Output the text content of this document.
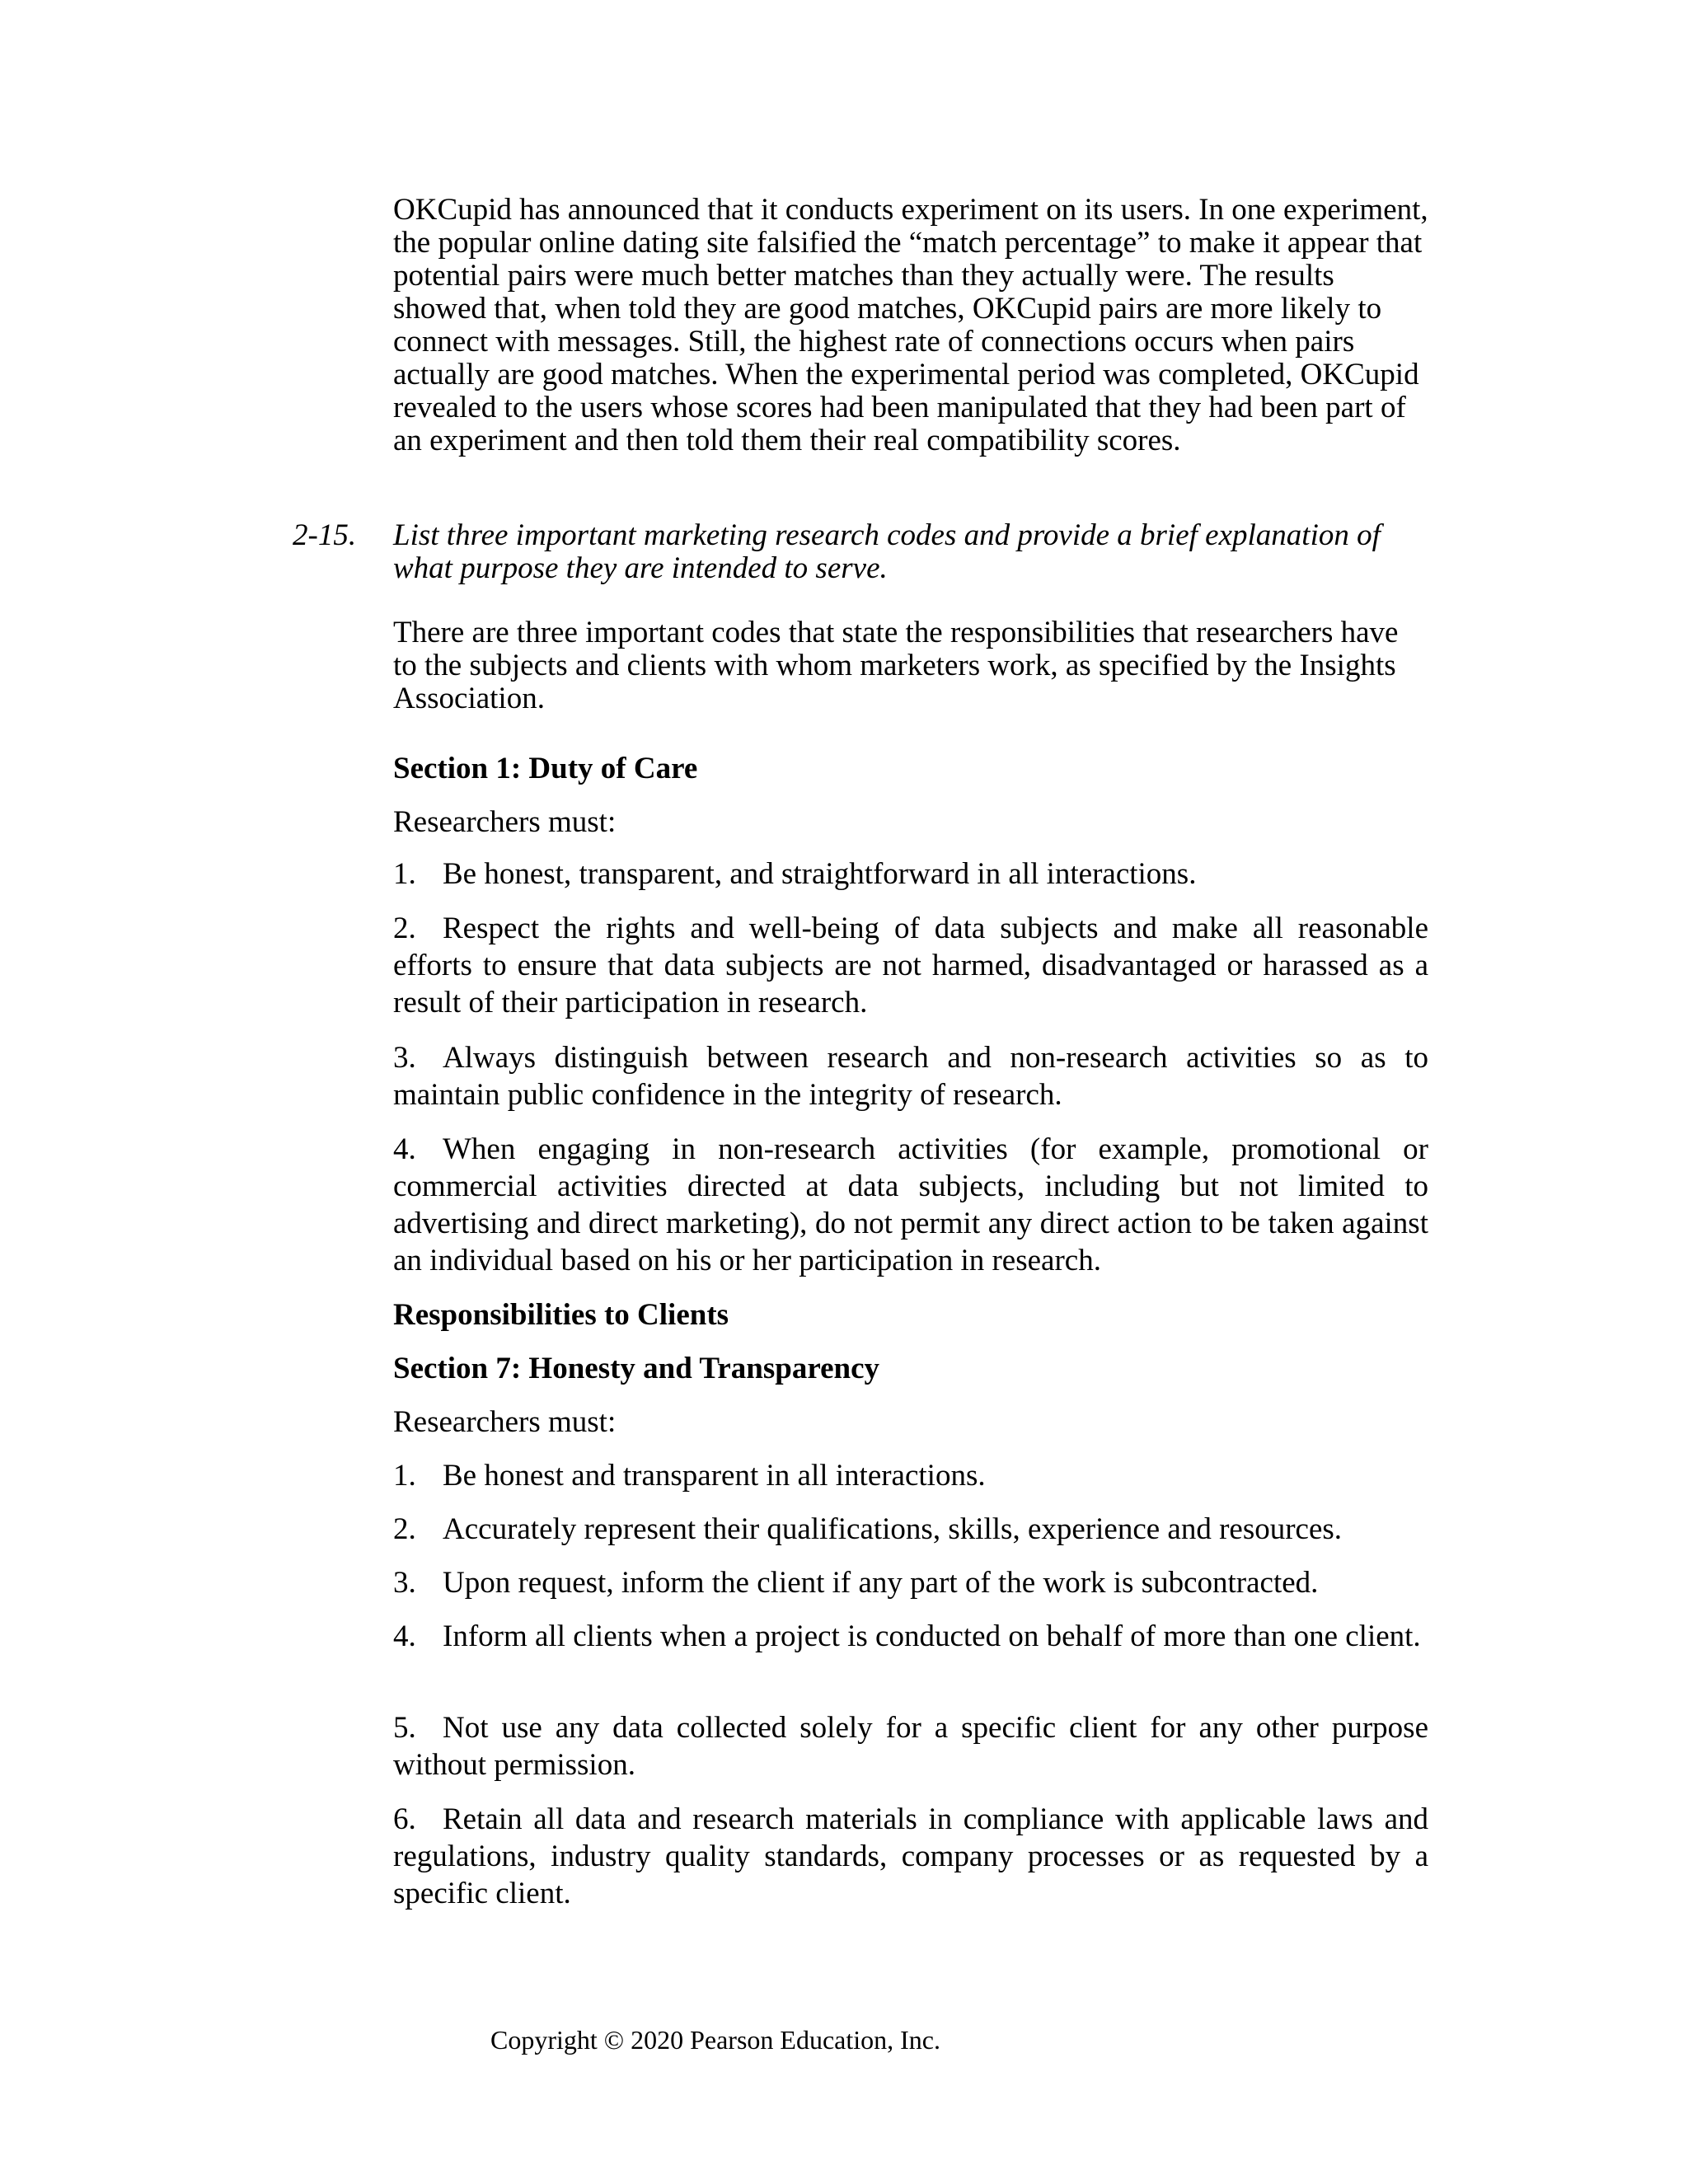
OKCupid has announced that it conducts experiment on its users. In one experiment, the popular online dating site falsified the “match percentage” to make it appear that potential pairs were much better matches than they actually were. The results showed that, when told they are good matches, OKCupid pairs are more likely to connect with messages. Still, the highest rate of connections occurs when pairs actually are good matches. When the experimental period was completed, OKCupid revealed to the users whose scores had been manipulated that they had been part of an experiment and then told them their real compatibility scores.

2-15. List three important marketing research codes and provide a brief explanation of what purpose they are intended to serve.

There are three important codes that state the responsibilities that researchers have to the subjects and clients with whom marketers work, as specified by the Insights Association.

Section 1: Duty of Care
Researchers must:

1. Be honest, transparent, and straightforward in all interactions.

2. Respect the rights and well-being of data subjects and make all reasonable efforts to ensure that data subjects are not harmed, disadvantaged or harassed as a result of their participation in research.

3. Always distinguish between research and non-research activities so as to maintain public confidence in the integrity of research.

4. When engaging in non-research activities (for example, promotional or commercial activities directed at data subjects, including but not limited to advertising and direct marketing), do not permit any direct action to be taken against an individual based on his or her participation in research.

Responsibilities to Clients
Section 7: Honesty and Transparency
Researchers must:

1. Be honest and transparent in all interactions.

2. Accurately represent their qualifications, skills, experience and resources.

3. Upon request, inform the client if any part of the work is subcontracted.

4. Inform all clients when a project is conducted on behalf of more than one client.

5. Not use any data collected solely for a specific client for any other purpose without permission.

6. Retain all data and research materials in compliance with applicable laws and regulations, industry quality standards, company processes or as requested by a specific client.

Copyright © 2020 Pearson Education, Inc.
